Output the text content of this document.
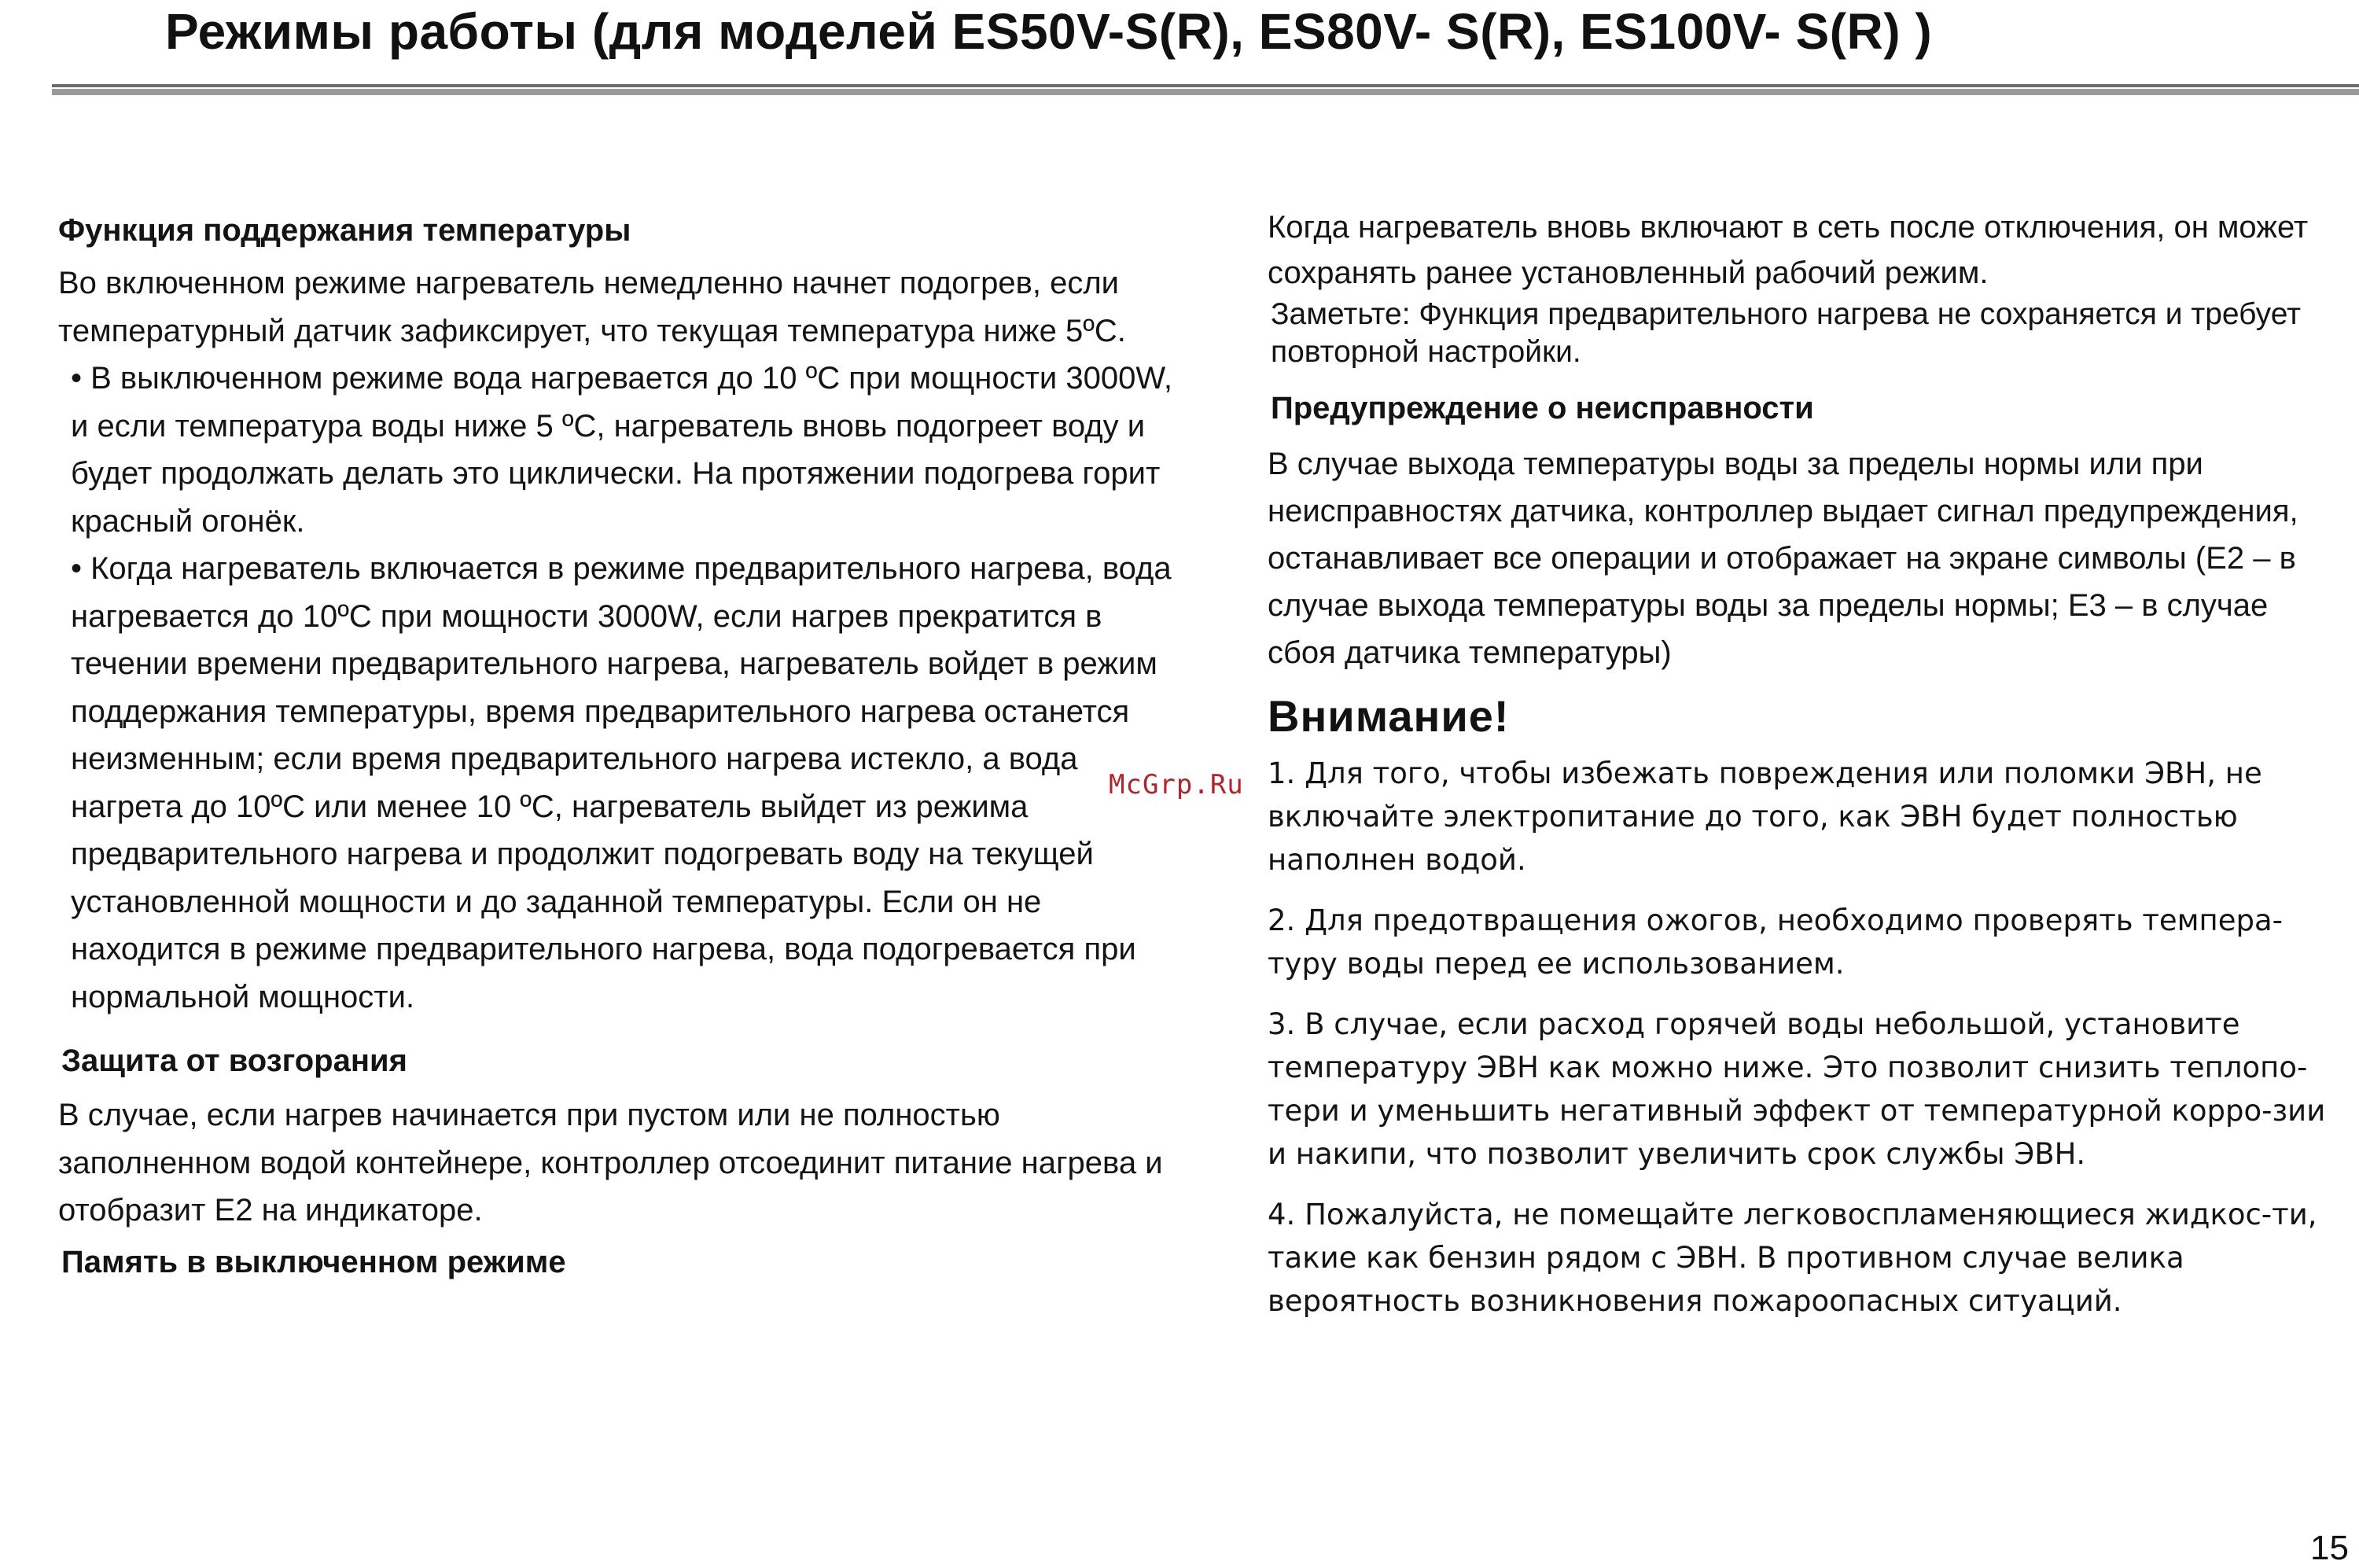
Режимы работы (для моделей ES50V-S(R), ES80V- S(R), ES100V- S(R) )

Функция поддержания температуры

Во включенном режиме нагреватель немедленно начнет подогрев, если температурный датчик зафиксирует, что текущая температура ниже 5ºС.

• В выключенном режиме вода нагревается до 10 ºС при мощности 3000W, и если температура воды ниже 5 ºС, нагреватель вновь подогреет воду и будет продолжать делать это циклически. На протяжении подогрева горит красный огонёк.

• Когда нагреватель включается в режиме предварительного нагрева, вода нагревается до 10ºС при мощности 3000W, если нагрев прекратится в течении времени предварительного нагрева, нагреватель войдет в режим поддержания температуры, время предварительного нагрева останется неизменным; если время предварительного нагрева истекло, а вода нагрета до 10ºС или менее 10 ºС, нагреватель выйдет из режима предварительного нагрева и продолжит подогревать воду на текущей установленной мощности и до заданной температуры. Если он не находится в режиме предварительного нагрева, вода подогревается при нормальной мощности.

Защита от возгорания

В случае, если нагрев начинается при пустом или не полностью заполненном водой контейнере, контроллер отсоединит питание нагрева и отобразит Е2 на индикаторе.

Память в выключенном режиме

Когда нагреватель вновь включают в сеть после отключения, он может сохранять ранее установленный рабочий режим.

Заметьте: Функция предварительного нагрева не сохраняется и требует повторной настройки.

Предупреждение о неисправности

В случае выхода температуры воды за пределы нормы или при неисправностях датчика, контроллер выдает сигнал предупреждения, останавливает все операции и отображает на экране символы (Е2 – в случае выхода температуры воды за пределы нормы; Е3 – в случае сбоя датчика температуры)

Внимание!

1. Для того, чтобы избежать повреждения или поломки ЭВН, не включайте электропитание до того, как ЭВН будет полностью наполнен водой.

2. Для предотвращения ожогов, необходимо проверять темпера-туру воды перед ее использованием.

3. В случае, если расход горячей воды небольшой, установите температуру ЭВН как можно ниже. Это позволит снизить теплопо-тери и уменьшить негативный эффект от температурной корро-зии и накипи, что позволит увеличить срок службы ЭВН.

4. Пожалуйста, не помещайте легковоспламеняющиеся жидкос-ти, такие как бензин рядом с ЭВН. В противном случае велика вероятность возникновения пожароопасных ситуаций.

McGrp.Ru
15
